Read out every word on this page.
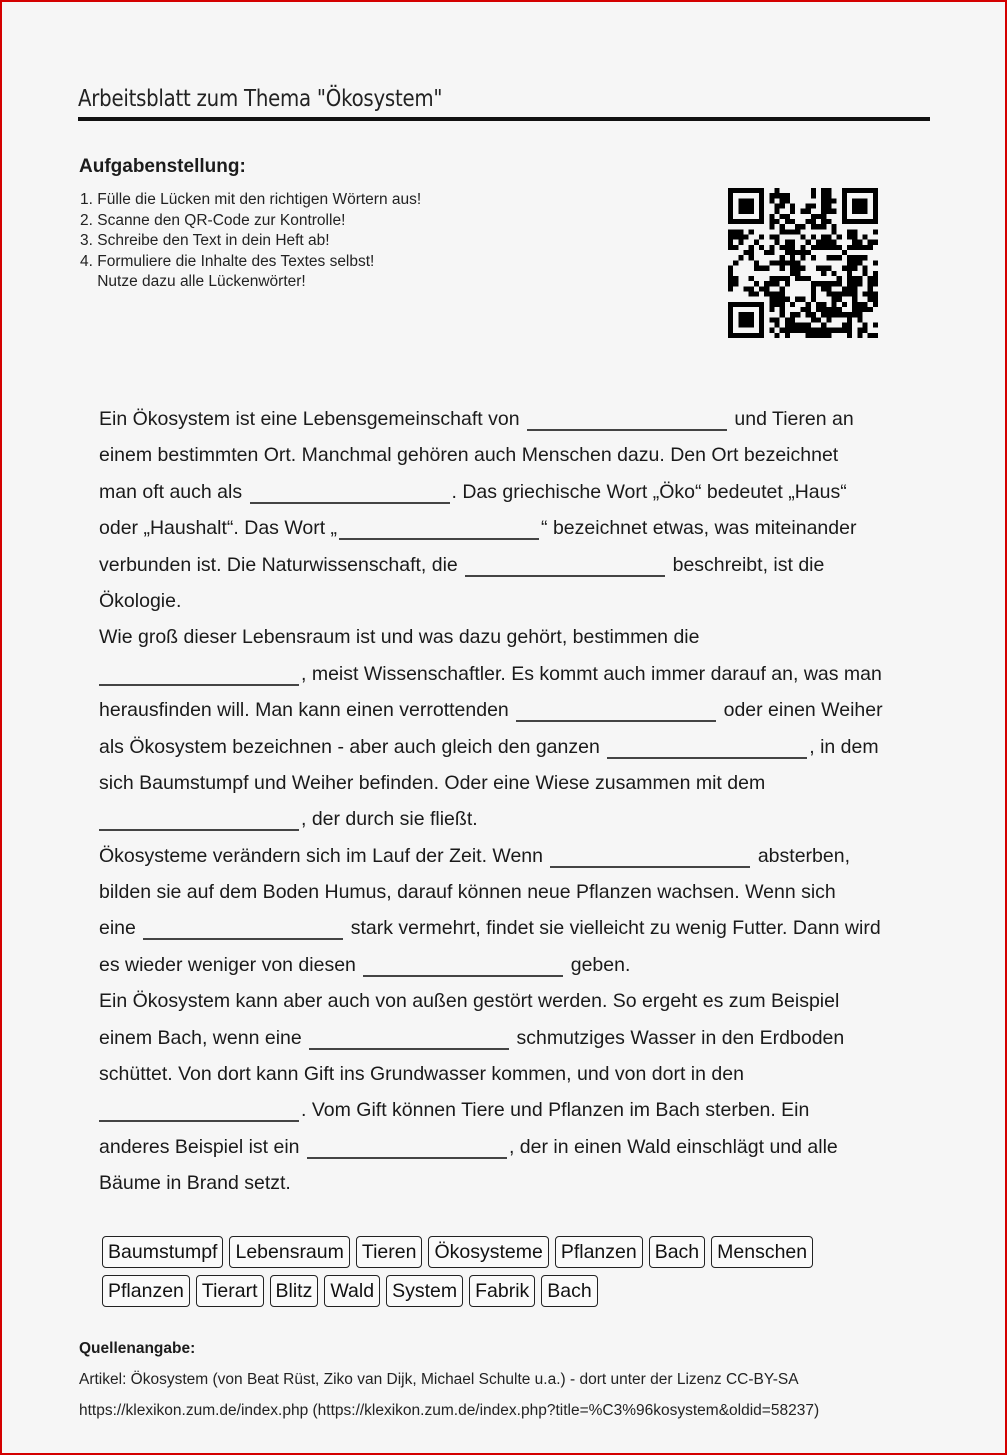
Arbeitsblatt zum Thema "Ökosystem"
Aufgabenstellung:
1. Fülle die Lücken mit den richtigen Wörtern aus!
2. Scanne den QR-Code zur Kontrolle!
3. Schreibe den Text in dein Heft ab!
4. Formuliere die Inhalte des Textes selbst!
Nutze dazu alle Lückenwörter!
Ein Ökosystem ist eine Lebensgemeinschaft von	und Tieren an
einem bestimmten Ort. Manchmal gehören auch Menschen dazu. Den Ort bezeichnet
man oft auch als	. Das griechische Wort „Öko“ bedeutet „Haus“
oder „Haushalt“. Das Wort „	“ bezeichnet etwas, was miteinander
verbunden ist. Die Naturwissenschaft, die	beschreibt, ist die
Ökologie.
Wie groß dieser Lebensraum ist und was dazu gehört, bestimmen die
, meist Wissenschaftler. Es kommt auch immer darauf an, was man
herausfinden will. Man kann einen verrottenden	oder einen Weiher
als Ökosystem bezeichnen - aber auch gleich den ganzen	, in dem
sich Baumstumpf und Weiher befinden. Oder eine Wiese zusammen mit dem
, der durch sie fließt.
Ökosysteme verändern sich im Lauf der Zeit. Wenn	absterben,
bilden sie auf dem Boden Humus, darauf können neue Pflanzen wachsen. Wenn sich
eine	stark vermehrt, findet sie vielleicht zu wenig Futter. Dann wird
es wieder weniger von diesen	geben.
Ein Ökosystem kann aber auch von außen gestört werden. So ergeht es zum Beispiel
einem Bach, wenn eine	schmutziges Wasser in den Erdboden
schüttet. Von dort kann Gift ins Grundwasser kommen, und von dort in den
. Vom Gift können Tiere und Pflanzen im Bach sterben. Ein
anderes Beispiel ist ein	, der in einen Wald einschlägt und alle
Bäume in Brand setzt.
Baumstumpf Lebensraum Tieren Ökosysteme Pflanzen Bach Menschen
Pflanzen Tierart Blitz Wald System Fabrik Bach
Quellenangabe:
Artikel: Ökosystem (von Beat Rüst, Ziko van Dijk, Michael Schulte u.a.) - dort unter der Lizenz CC-BY-SA
https://klexikon.zum.de/index.php (https://klexikon.zum.de/index.php?title=%C3%96kosystem&oldid=58237)
